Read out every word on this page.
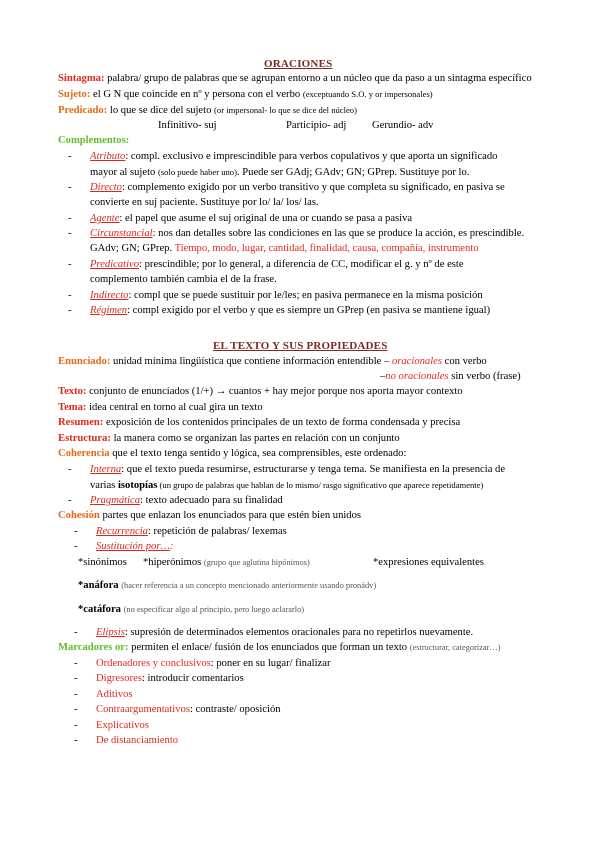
ORACIONES
Sintagma: palabra/ grupo de palabras que se agrupan entorno a un núcleo que da paso a un sintagma específico
Sujeto: el G N que coincide en nº y persona con el verbo (exceptuando S.O. y or impersonales)
Predicado: lo que se dice del sujeto (or impersonal- lo que se dice del núcleo)
Infinitivo- suj	Participio- adj Gerundio- adv
Complementos:
- Atributo: compl. exclusivo e imprescindible para verbos copulativos y que aporta un significado
mayor al sujeto (solo puede haber uno). Puede ser GAdj; GAdv; GN; GPrep. Sustituye por lo.
- Directo: complemento exigido por un verbo transitivo y que completa su significado, en pasiva se
convierte en suj paciente. Sustituye por lo/ la/ los/ las.
- Agente: el papel que asume el suj original de una or cuando se pasa a pasiva
- Circunstancial: nos dan detalles sobre las condiciones en las que se produce la acción, es prescindible.
GAdv; GN; GPrep. Tiempo, modo, lugar, cantidad, finalidad, causa, compañía, instrumento
- Predicativo: prescindible; por lo general, a diferencia de CC, modificar el g. y nº de este
complemento también cambia el de la frase.
- Indirecto: compl que se puede sustituir por le/les; en pasiva permanece en la misma posición
- Régimen: compl exigido por el verbo y que es siempre un GPrep (en pasiva se mantiene igual)
EL TEXTO Y SUS PROPIEDADES
Enunciado: unidad mínima lingüística que contiene información entendible – oracionales con verbo
–no oracionales sin verbo (frase)
Texto: conjunto de enunciados (1/+) → cuantos + hay mejor porque nos aporta mayor contexto
Tema: idea central en torno al cual gira un texto
Resumen: exposición de los contenidos principales de un texto de forma condensada y precisa
Estructura: la manera como se organizan las partes en relación con un conjunto
Coherencia que el texto tenga sentido y lógica, sea comprensibles, este ordenado:
- Interna: que el texto pueda resumirse, estructurarse y tenga tema. Se manifiesta en la presencia de
varias isotopías (un grupo de palabras que hablan de lo mismo/ rasgo significativo que aparece repetidamente)
- Pragmática: texto adecuado para su finalidad
Cohesión partes que enlazan los enunciados para que estén bien unidos
- Recurrencia: repetición de palabras/ lexemas
- Sustitución por…:
*sinónimos *hiperónimos (grupo que aglutina hipónimos)	*expresiones equivalentes
*anáfora (hacer referencia a un concepto mencionado anteriormente usando pronádv)
*catáfora (no especificar algo al principio, pero luego aclararlo)
- Elipsis: supresión de determinados elementos oracionales para no repetirlos nuevamente.
Marcadores or: permiten el enlace/ fusión de los enunciados que forman un texto (estructurar, categorizar…)
- Ordenadores y conclusivos: poner en su lugar/ finalizar
- Digresores: introducir comentarios
- Aditivos
- Contraargumentativos: contraste/ oposición
- Explicativos
- De distanciamiento
